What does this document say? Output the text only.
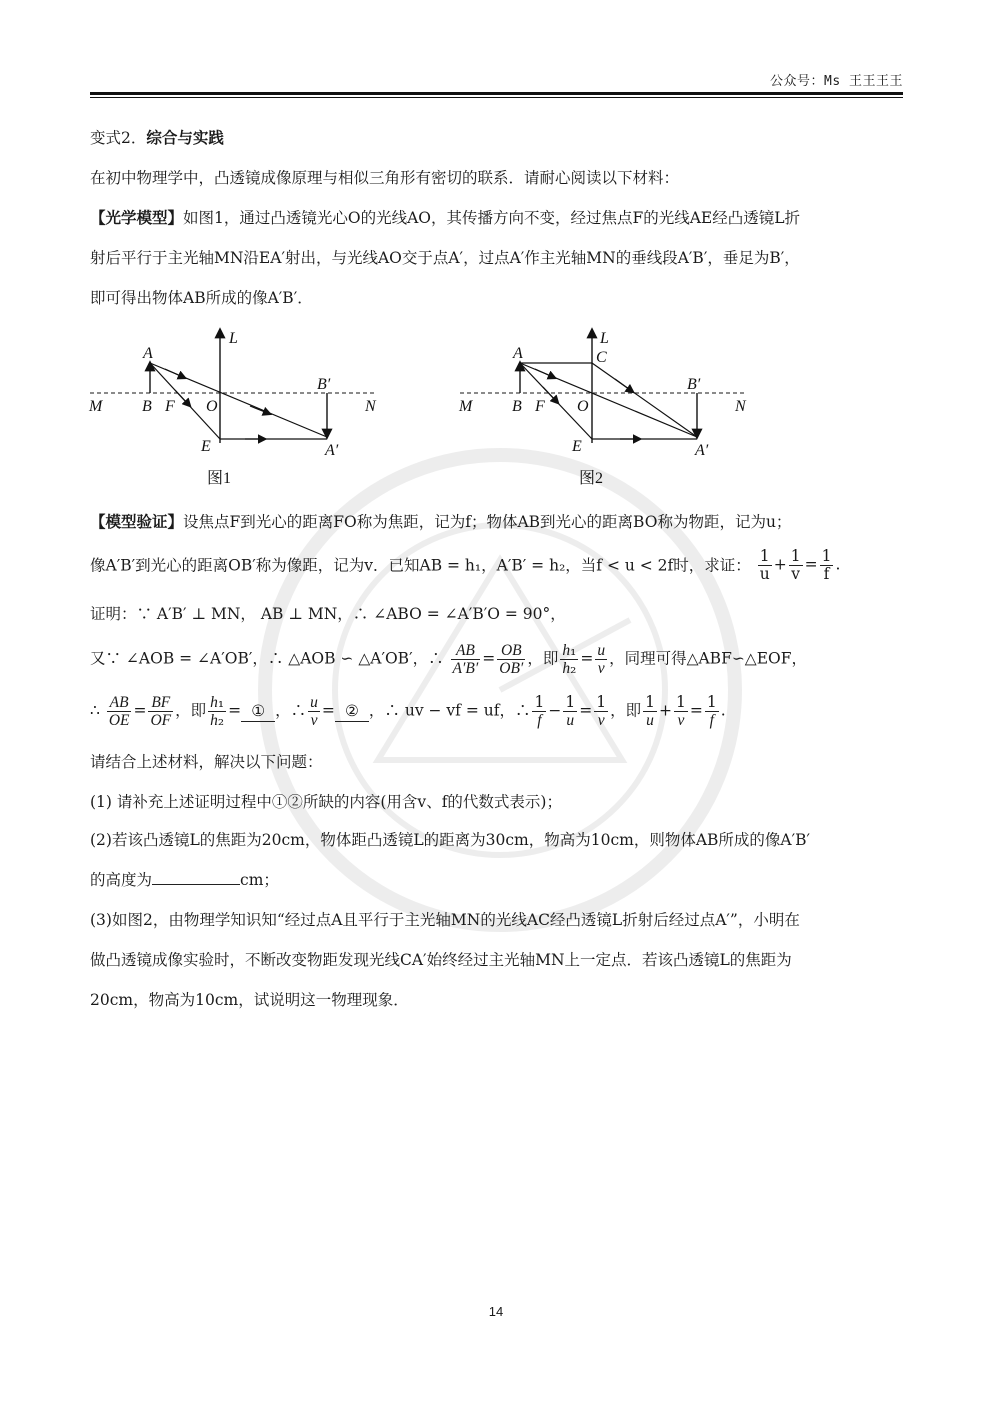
公众号：Ms 王王王王
变式2．综合与实践
在初中物理学中，凸透镜成像原理与相似三角形有密切的联系．请耐心阅读以下材料：
【光学模型】如图1，通过凸透镜光心O的光线AO，其传播方向不变，经过焦点F的光线AE经凸透镜L折
射后平行于主光轴MN沿EA′射出，与光线AO交于点A′，过点A′作主光轴MN的垂线段A′B′，垂足为B′，
即可得出物体AB所成的像A′B′．
A
L
B′
M B F O	N
E	A′
图1
A
L
C
B′
M B F O	N
E	A′
图2
【模型验证】设焦点F到光心的距离FO称为焦距，记为f；物体AB到光心的距离BO称为物距，记为u；
像A′B′到光心的距离OB′称为像距，记为v．已知AB = h₁，A′B′ = h₂，当f < u < 2f时，求证： $\frac{1}{u} + \frac{1}{v} = \frac{1}{f}$ .
证明：∵ A′B′ ⊥ MN， AB ⊥ MN，∴ ∠ABO = ∠A′B′O = 90°，
又∵ ∠AOB = ∠A′OB′，∴ △AOB ∽ △A′OB′，∴ $\frac{AB}{A'B'} = \frac{OB}{OB'}$ ，即 $\frac{\text{h₁}}{\text{h₂}} = \frac{u}{v}$ ，同理可得△ABF∽△EOF，
∴ $\frac{AB}{OE} = \frac{BF}{OF}$ ，即 $\frac{\text{h₁}}{\text{h₂}}$ = ① ，∴ $\frac{u}{v}$ = ② ，∴ uv − vf = uf，∴ $\frac{1}{f} - \frac{1}{u} = \frac{1}{v}$ ，即 $\frac{1}{u} + \frac{1}{v} = \frac{1}{f}$ .
请结合上述材料，解决以下问题：
(1) 请补充上述证明过程中①②所缺的内容(用含v、f的代数式表示)；
(2)若该凸透镜L的焦距为20cm，物体距凸透镜L的距离为30cm，物高为10cm，则物体AB所成的像A′B′
的高度为	cm；
(3)如图2，由物理学知识知“经过点A且平行于主光轴MN的光线AC经凸透镜L折射后经过点A′”，小明在
做凸透镜成像实验时，不断改变物距发现光线CA′始终经过主光轴MN上一定点．若该凸透镜L的焦距为
20cm，物高为10cm，试说明这一物理现象．
14
